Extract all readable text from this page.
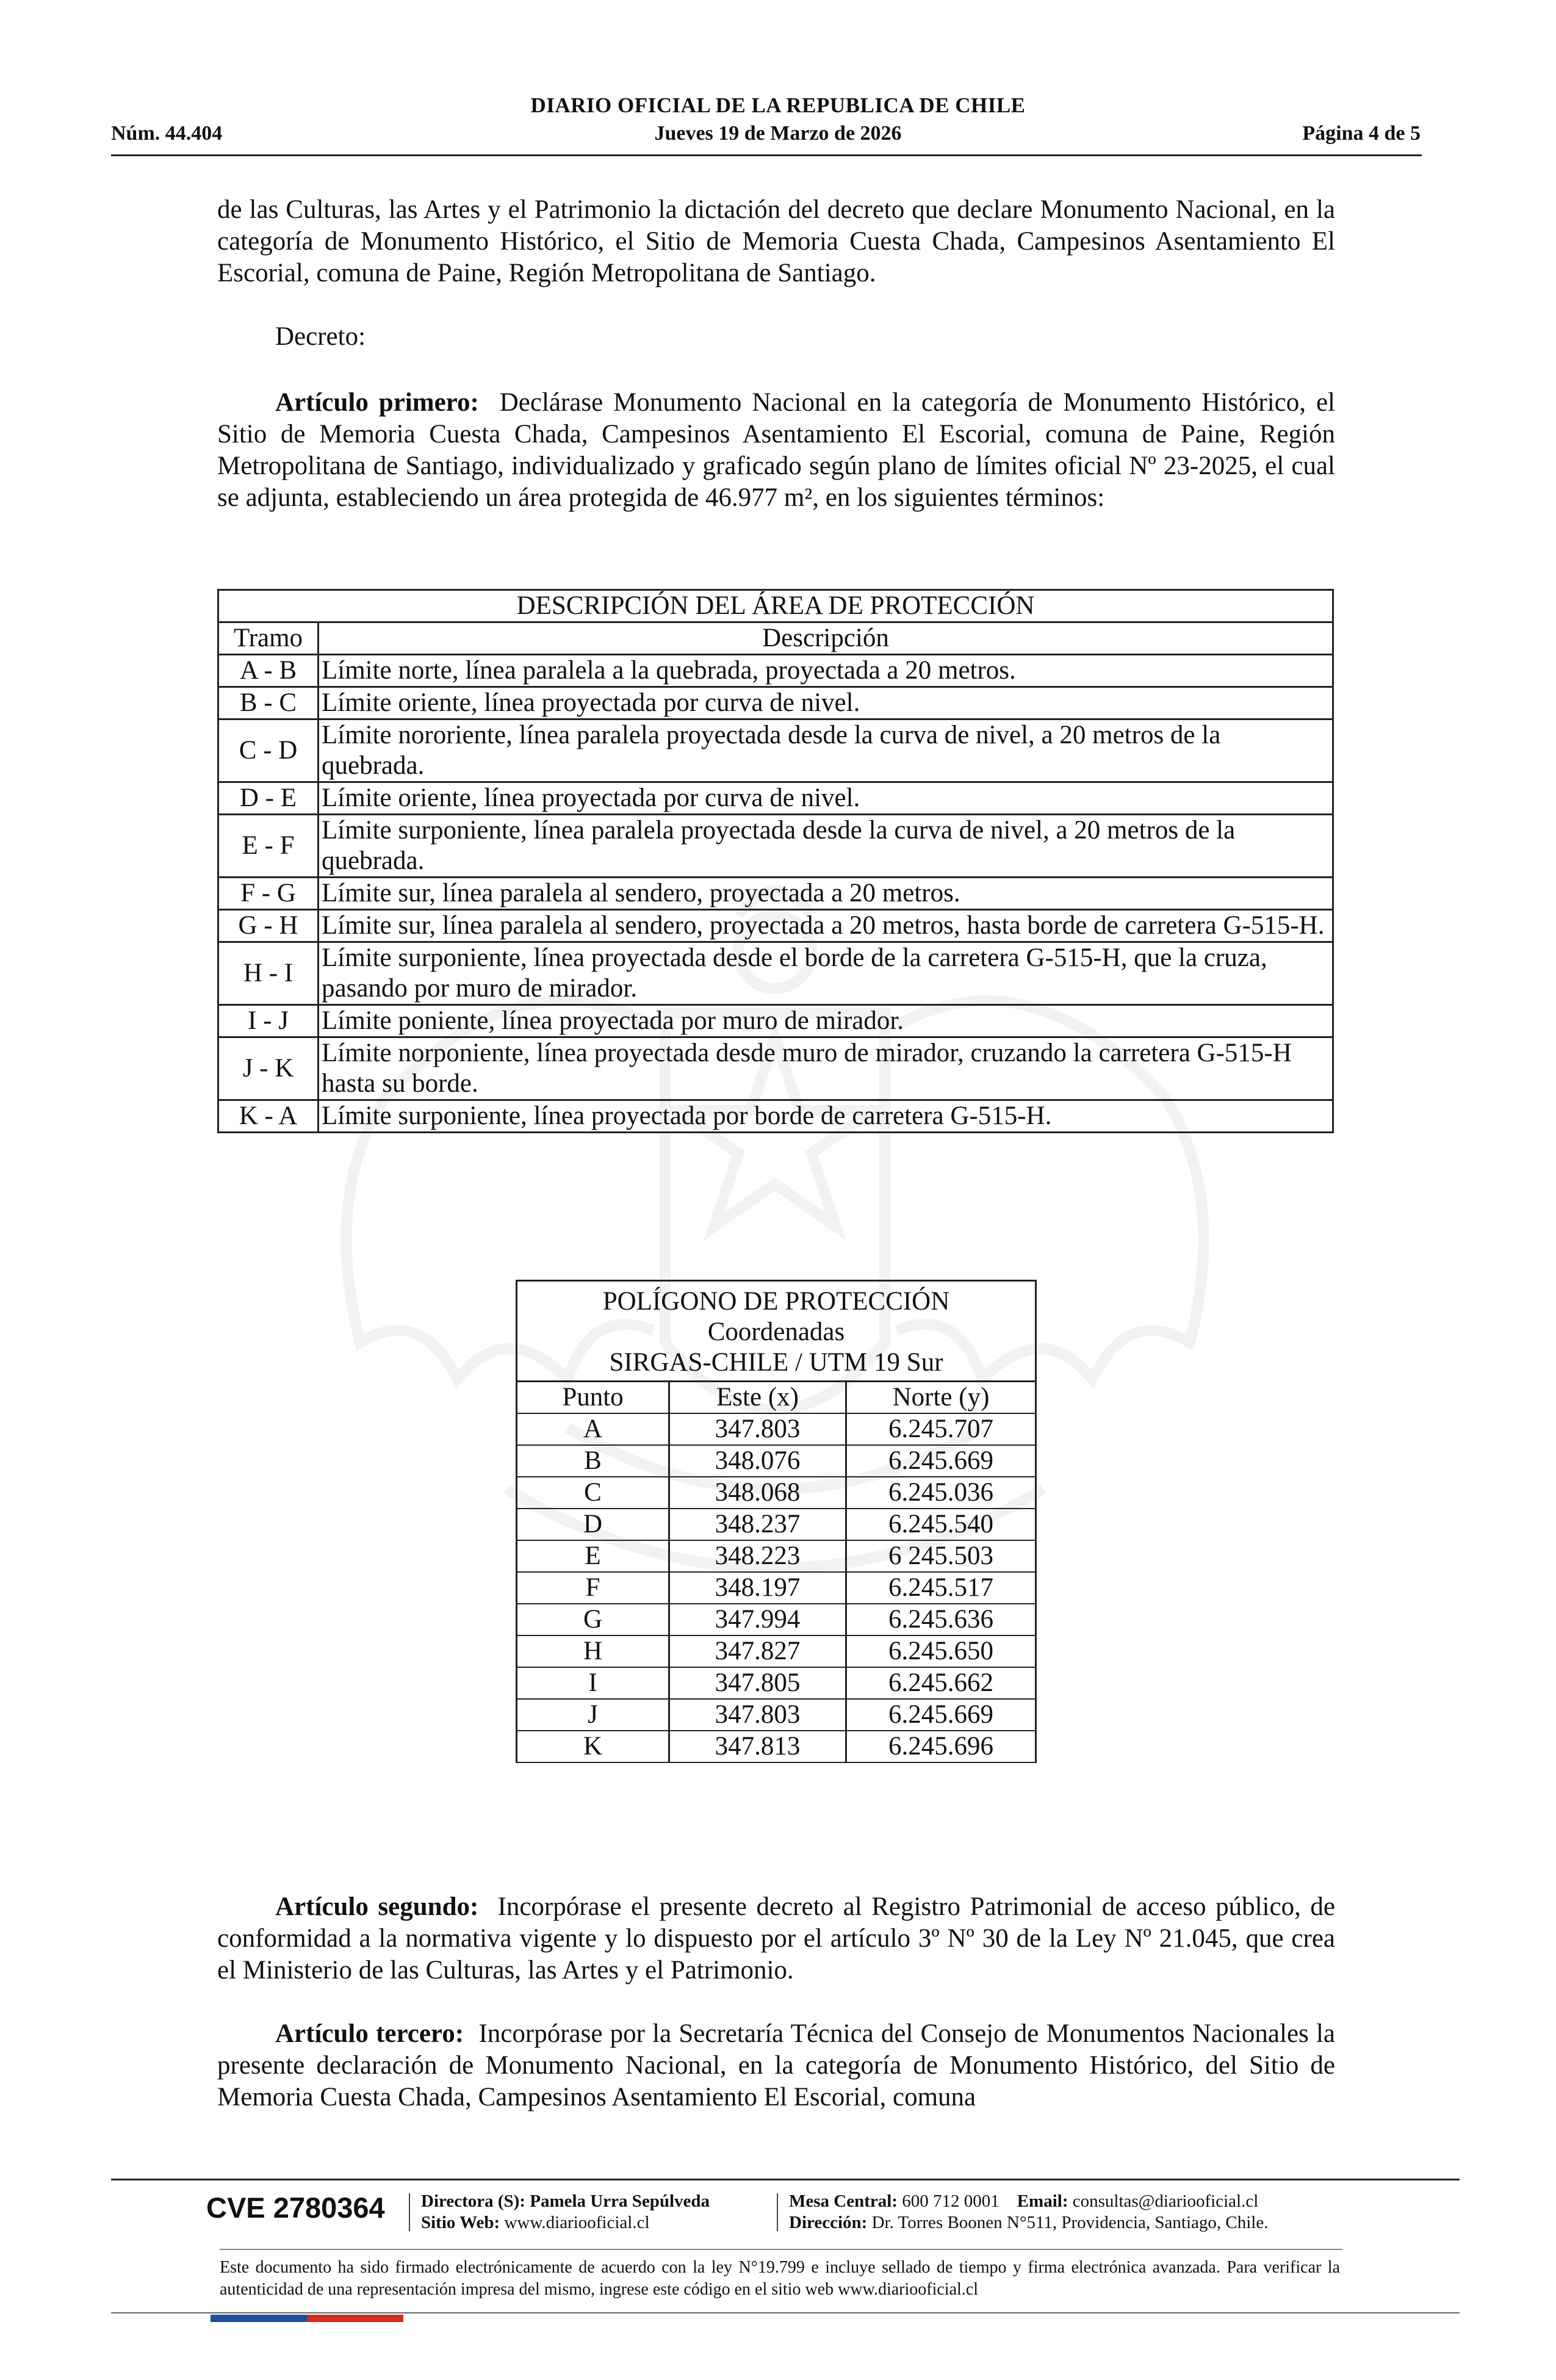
DIARIO OFICIAL DE LA REPUBLICA DE CHILE
Núm. 44.404	Jueves 19 de Marzo de 2026	Página 4 de 5

de las Culturas, las Artes y el Patrimonio la dictación del decreto que declare Monumento Nacional, en la categoría de Monumento Histórico, el Sitio de Memoria Cuesta Chada, Campesinos Asentamiento El Escorial, comuna de Paine, Región Metropolitana de Santiago.

Decreto:

Artículo primero: Declárase Monumento Nacional en la categoría de Monumento Histórico, el Sitio de Memoria Cuesta Chada, Campesinos Asentamiento El Escorial, comuna de Paine, Región Metropolitana de Santiago, individualizado y graficado según plano de límites oficial Nº 23-2025, el cual se adjunta, estableciendo un área protegida de 46.977 m², en los siguientes términos:

DESCRIPCIÓN DEL ÁREA DE PROTECCIÓN	
Tramo	Descripción
A - B	Límite norte, línea paralela a la quebrada, proyectada a 20 metros.
B - C	Límite oriente, línea proyectada por curva de nivel.
C - D	Límite nororiente, línea paralela proyectada desde la curva de nivel, a 20 metros de la quebrada.
D - E	Límite oriente, línea proyectada por curva de nivel.
E - F	Límite surponiente, línea paralela proyectada desde la curva de nivel, a 20 metros de la quebrada.
F - G	Límite sur, línea paralela al sendero, proyectada a 20 metros.
G - H	Límite sur, línea paralela al sendero, proyectada a 20 metros, hasta borde de carretera G-515-H.
H - I	Límite surponiente, línea proyectada desde el borde de la carretera G-515-H, que la cruza, pasando por muro de mirador.
I - J	Límite poniente, línea proyectada por muro de mirador.
J - K	Límite norponiente, línea proyectada desde muro de mirador, cruzando la carretera G-515-H hasta su borde.
K - A	Límite surponiente, línea proyectada por borde de carretera G-515-H.
POLÍGONO DE PROTECCIÓN
Coordenadas
SIRGAS-CHILE / UTM 19 Sur		

Punto	Este (x)	Norte (y)
A	347.803	6.245.707
B	348.076	6.245.669
C	348.068	6.245.036
D	348.237	6.245.540
E	348.223	6 245.503
F	348.197	6.245.517
G	347.994	6.245.636
H	347.827	6.245.650
I	347.805	6.245.662
J	347.803	6.245.669
K	347.813	6.245.696

Artículo segundo: Incorpórase el presente decreto al Registro Patrimonial de acceso público, de conformidad a la normativa vigente y lo dispuesto por el artículo 3º Nº 30 de la Ley Nº 21.045, que crea el Ministerio de las Culturas, las Artes y el Patrimonio.

Artículo tercero: Incorpórase por la Secretaría Técnica del Consejo de Monumentos Nacionales la presente declaración de Monumento Nacional, en la categoría de Monumento Histórico, del Sitio de Memoria Cuesta Chada, Campesinos Asentamiento El Escorial, comuna

CVE 2780364 Directora (S): Pamela Urra Sepúlveda
Sitio Web: www.diariooficial.cl
Mesa Central: 600 712 0001 Email: consultas@diariooficial.cl
Dirección: Dr. Torres Boonen N°511, Providencia, Santiago, Chile.

Este documento ha sido firmado electrónicamente de acuerdo con la ley N°19.799 e incluye sellado de tiempo y firma electrónica avanzada. Para verificar la autenticidad de una representación impresa del mismo, ingrese este código en el sitio web www.diariooficial.cl
